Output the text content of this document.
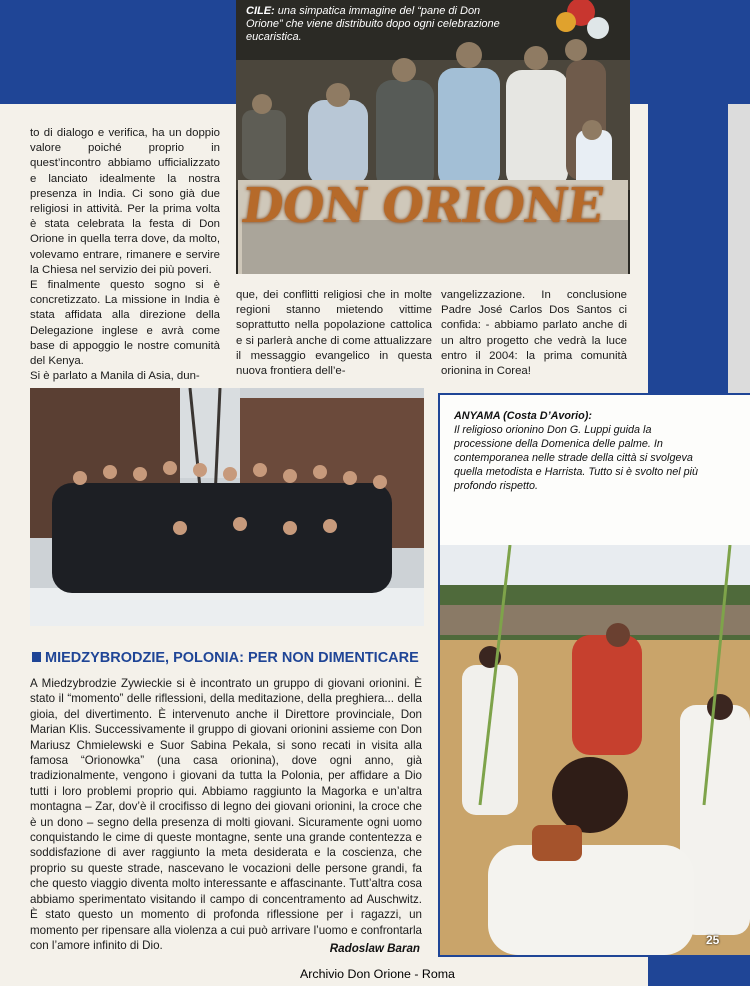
DON ORIONE
CILE: una simpatica immagine del “pane di Don Orione” che viene distribuito dopo ogni celebrazione eucaristica.
to di dialogo e verifica, ha un doppio valore poiché proprio in quest’incontro abbiamo ufficializzato e lanciato idealmente la nostra presenza in India. Ci sono già due religiosi in attività. Per la prima volta è stata celebrata la festa di Don Orione in quella terra dove, da molto, volevamo entrare, rimanere e servire la Chiesa nel servizio dei più poveri.
E finalmente questo sogno si è concretizzato. La missione in India è stata affidata alla direzione della Delegazione inglese e avrà come base di appoggio le nostre comunità del Kenya.
Si è parlato a Manila di Asia, dun-
que, dei conflitti religiosi che in molte regioni stanno mietendo vittime soprattutto nella popolazione cattolica e si parlerà anche di come attualizzare il messaggio evangelico in questa nuova frontiera dell’e-
vangelizzazione. In conclusione Padre José Carlos Dos Santos ci confida: - abbiamo parlato anche di un altro progetto che vedrà la luce entro il 2004: la prima comunità orionina in Corea!
MIEDZYBRODZIE, POLONIA: PER NON DIMENTICARE
A Miedzybrodzie Zywieckie si è incontrato un gruppo di giovani orionini. È stato il “momento” delle riflessioni, della meditazione, della preghiera... della gioia, del divertimento. È intervenuto anche il Direttore provinciale, Don Marian Klis. Successivamente il gruppo di giovani orionini assieme con Don Mariusz Chmielewski e Suor Sabina Pekala, si sono recati in visita alla famosa “Orionowka” (una casa orionina), dove ogni anno, già tradizionalmente, vengono i giovani da tutta la Polonia, per affidare a Dio tutti i loro problemi proprio qui. Abbiamo raggiunto la Magorka e un’altra montagna – Zar, dov’è il crocifisso di legno dei giovani orionini, la croce che è un dono – segno della presenza di molti giovani. Sicuramente ogni uomo conquistando le cime di queste montagne, sente una grande contentezza e soddisfazione di aver raggiunto la meta desiderata e la coscienza, che proprio su queste strade, nascevano le vocazioni delle persone grandi, fa che questo viaggio diventa molto interessante e affascinante. Tutt’altra cosa abbiamo sperimentato visitando il campo di concentramento ad Auschwitz. È stato questo un momento di profonda riflessione per i ragazzi, un momento per ripensare alla violenza a cui può arrivare l’uomo e confrontarla con l’amore infinito di Dio.	Radoslaw Baran
ANYAMA (Costa D’Avorio):
Il religioso orionino Don G. Luppi guida la processione della Domenica delle palme. In contemporanea nelle strade della città si svolgeva quella metodista e Harrista. Tutto si è svolto nel più profondo rispetto.
25
Archivio Don Orione - Roma
